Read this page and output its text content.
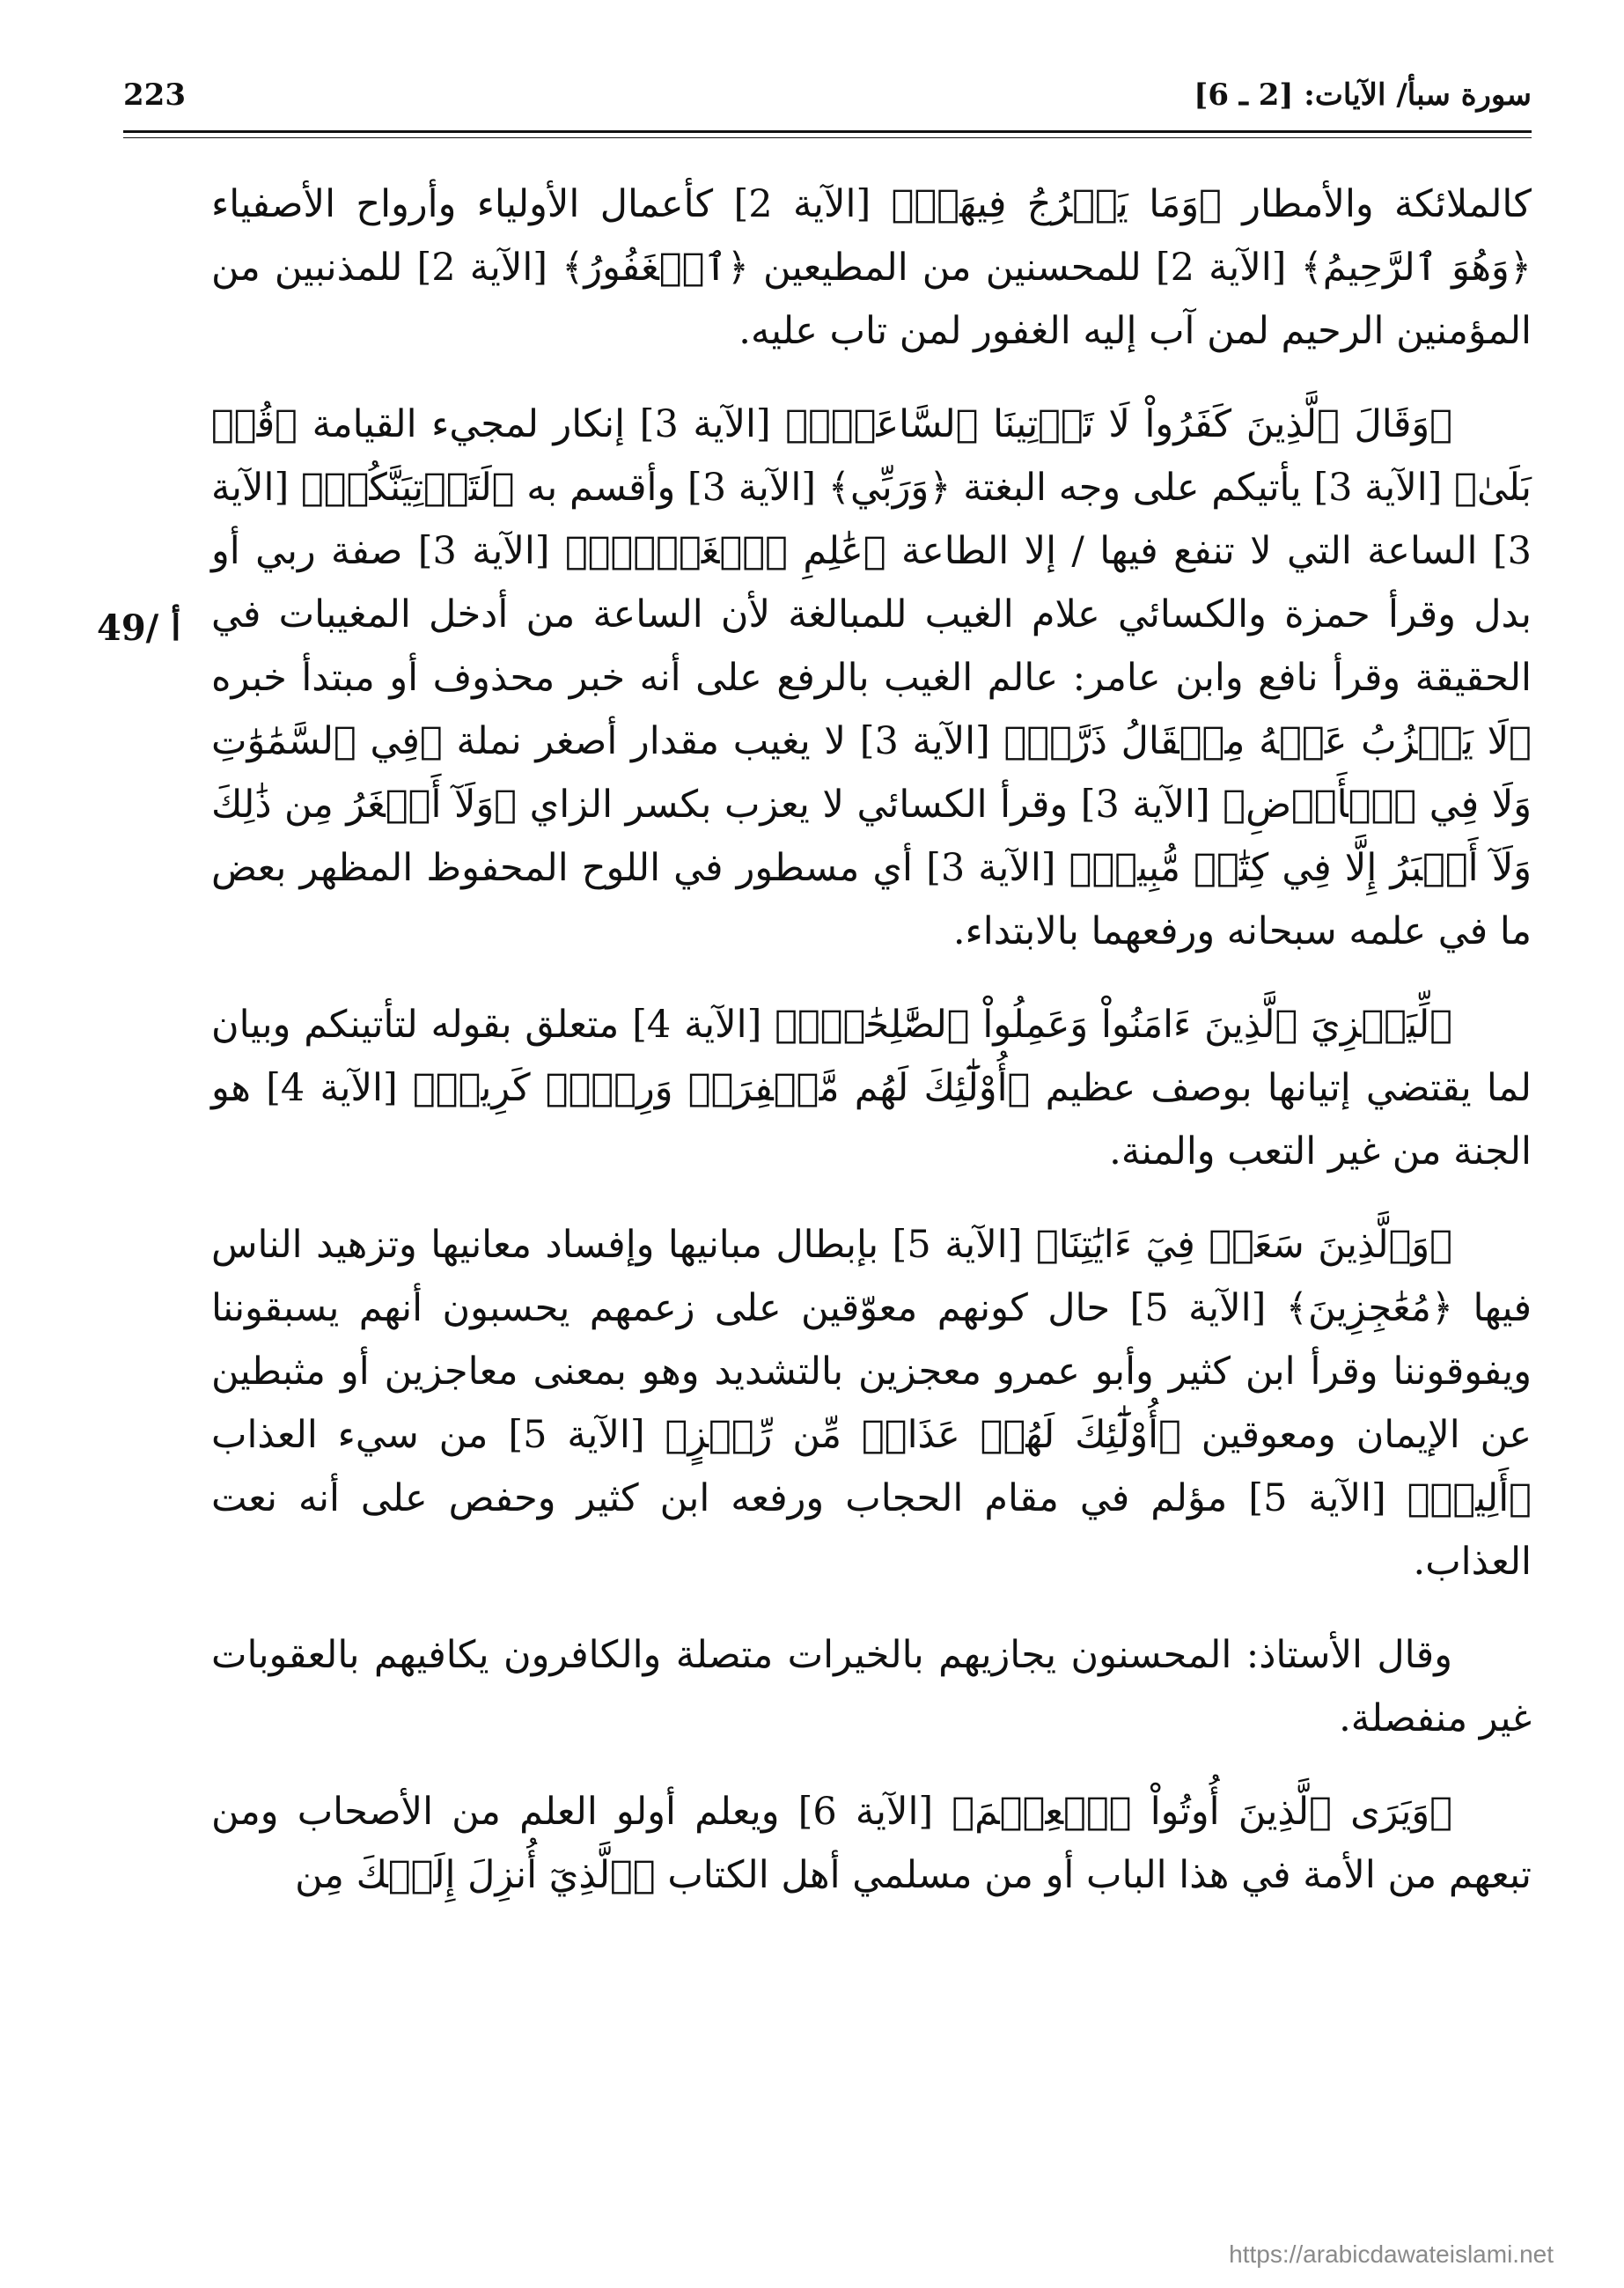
سورة سبأ/ الآيات: [2 ـ 6]
223
49/ أ

كالملائكة والأمطار ﴿وَمَا يَعۡرُجُ فِيهَاۚ﴾ [الآية 2] كأعمال الأولياء وأرواح الأصفياء ﴿وَهُوَ ٱلرَّحِيمُ﴾ [الآية 2] للمحسنين من المطيعين ﴿ٱلۡغَفُورُ﴾ [الآية 2] للمذنبين من المؤمنين الرحيم لمن آب إليه الغفور لمن تاب عليه.

﴿وَقَالَ ٱلَّذِينَ كَفَرُواْ لَا تَأۡتِينَا ٱلسَّاعَةُۖ﴾ [الآية 3] إنكار لمجيء القيامة ﴿قُلۡ بَلَىٰ﴾ [الآية 3] يأتيكم على وجه البغتة ﴿وَرَبِّي﴾ [الآية 3] وأقسم به ﴿لَتَأۡتِيَنَّكُمۡ﴾ [الآية 3] الساعة التي لا تنفع فيها / إلا الطاعة ﴿عَٰلِمِ ٱلۡغَيۡبِۖ﴾ [الآية 3] صفة ربي أو بدل وقرأ حمزة والكسائي علام الغيب للمبالغة لأن الساعة من أدخل المغيبات في الحقيقة وقرأ نافع وابن عامر: عالم الغيب بالرفع على أنه خبر محذوف أو مبتدأ خبره ﴿لَا يَعۡزُبُ عَنۡهُ مِثۡقَالُ ذَرَّةٖ﴾ [الآية 3] لا يغيب مقدار أصغر نملة ﴿فِي ٱلسَّمَٰوَٰتِ وَلَا فِي ٱلۡأَرۡضِ﴾ [الآية 3] وقرأ الكسائي لا يعزب بكسر الزاي ﴿وَلَآ أَصۡغَرُ مِن ذَٰلِكَ وَلَآ أَكۡبَرُ إِلَّا فِي كِتَٰبٖ مُّبِينٖ﴾ [الآية 3] أي مسطور في اللوح المحفوظ المظهر بعض ما في علمه سبحانه ورفعهما بالابتداء.

﴿لِّيَجۡزِيَ ٱلَّذِينَ ءَامَنُواْ وَعَمِلُواْ ٱلصَّٰلِحَٰتِۚ﴾ [الآية 4] متعلق بقوله لتأتينكم وبيان لما يقتضي إتيانها بوصف عظيم ﴿أُوْلَٰٓئِكَ لَهُم مَّغۡفِرَةٞ وَرِزۡقٞ كَرِيمٞ﴾ [الآية 4] هو الجنة من غير التعب والمنة.

﴿وَٱلَّذِينَ سَعَوۡ فِيٓ ءَايَٰتِنَا﴾ [الآية 5] بإبطال مبانيها وإفساد معانيها وتزهيد الناس فيها ﴿مُعَٰجِزِينَ﴾ [الآية 5] حال كونهم معوّقين على زعمهم يحسبون أنهم يسبقوننا ويفوقوننا وقرأ ابن كثير وأبو عمرو معجزين بالتشديد وهو بمعنى معاجزين أو مثبطين عن الإيمان ومعوقين ﴿أُوْلَٰٓئِكَ لَهُمۡ عَذَابٞ مِّن رِّجۡزٍ﴾ [الآية 5] من سيء العذاب ﴿أَلِيمٞ﴾ [الآية 5] مؤلم في مقام الحجاب ورفعه ابن كثير وحفص على أنه نعت العذاب.

وقال الأستاذ: المحسنون يجازيهم بالخيرات متصلة والكافرون يكافيهم بالعقوبات غير منفصلة.

﴿وَيَرَى ٱلَّذِينَ أُوتُواْ ٱلۡعِلۡمَ﴾ [الآية 6] ويعلم أولو العلم من الأصحاب ومن تبعهم من الأمة في هذا الباب أو من مسلمي أهل الكتاب ﴿ٱلَّذِيٓ أُنزِلَ إِلَيۡكَ مِن

https://arabicdawateislami.net
